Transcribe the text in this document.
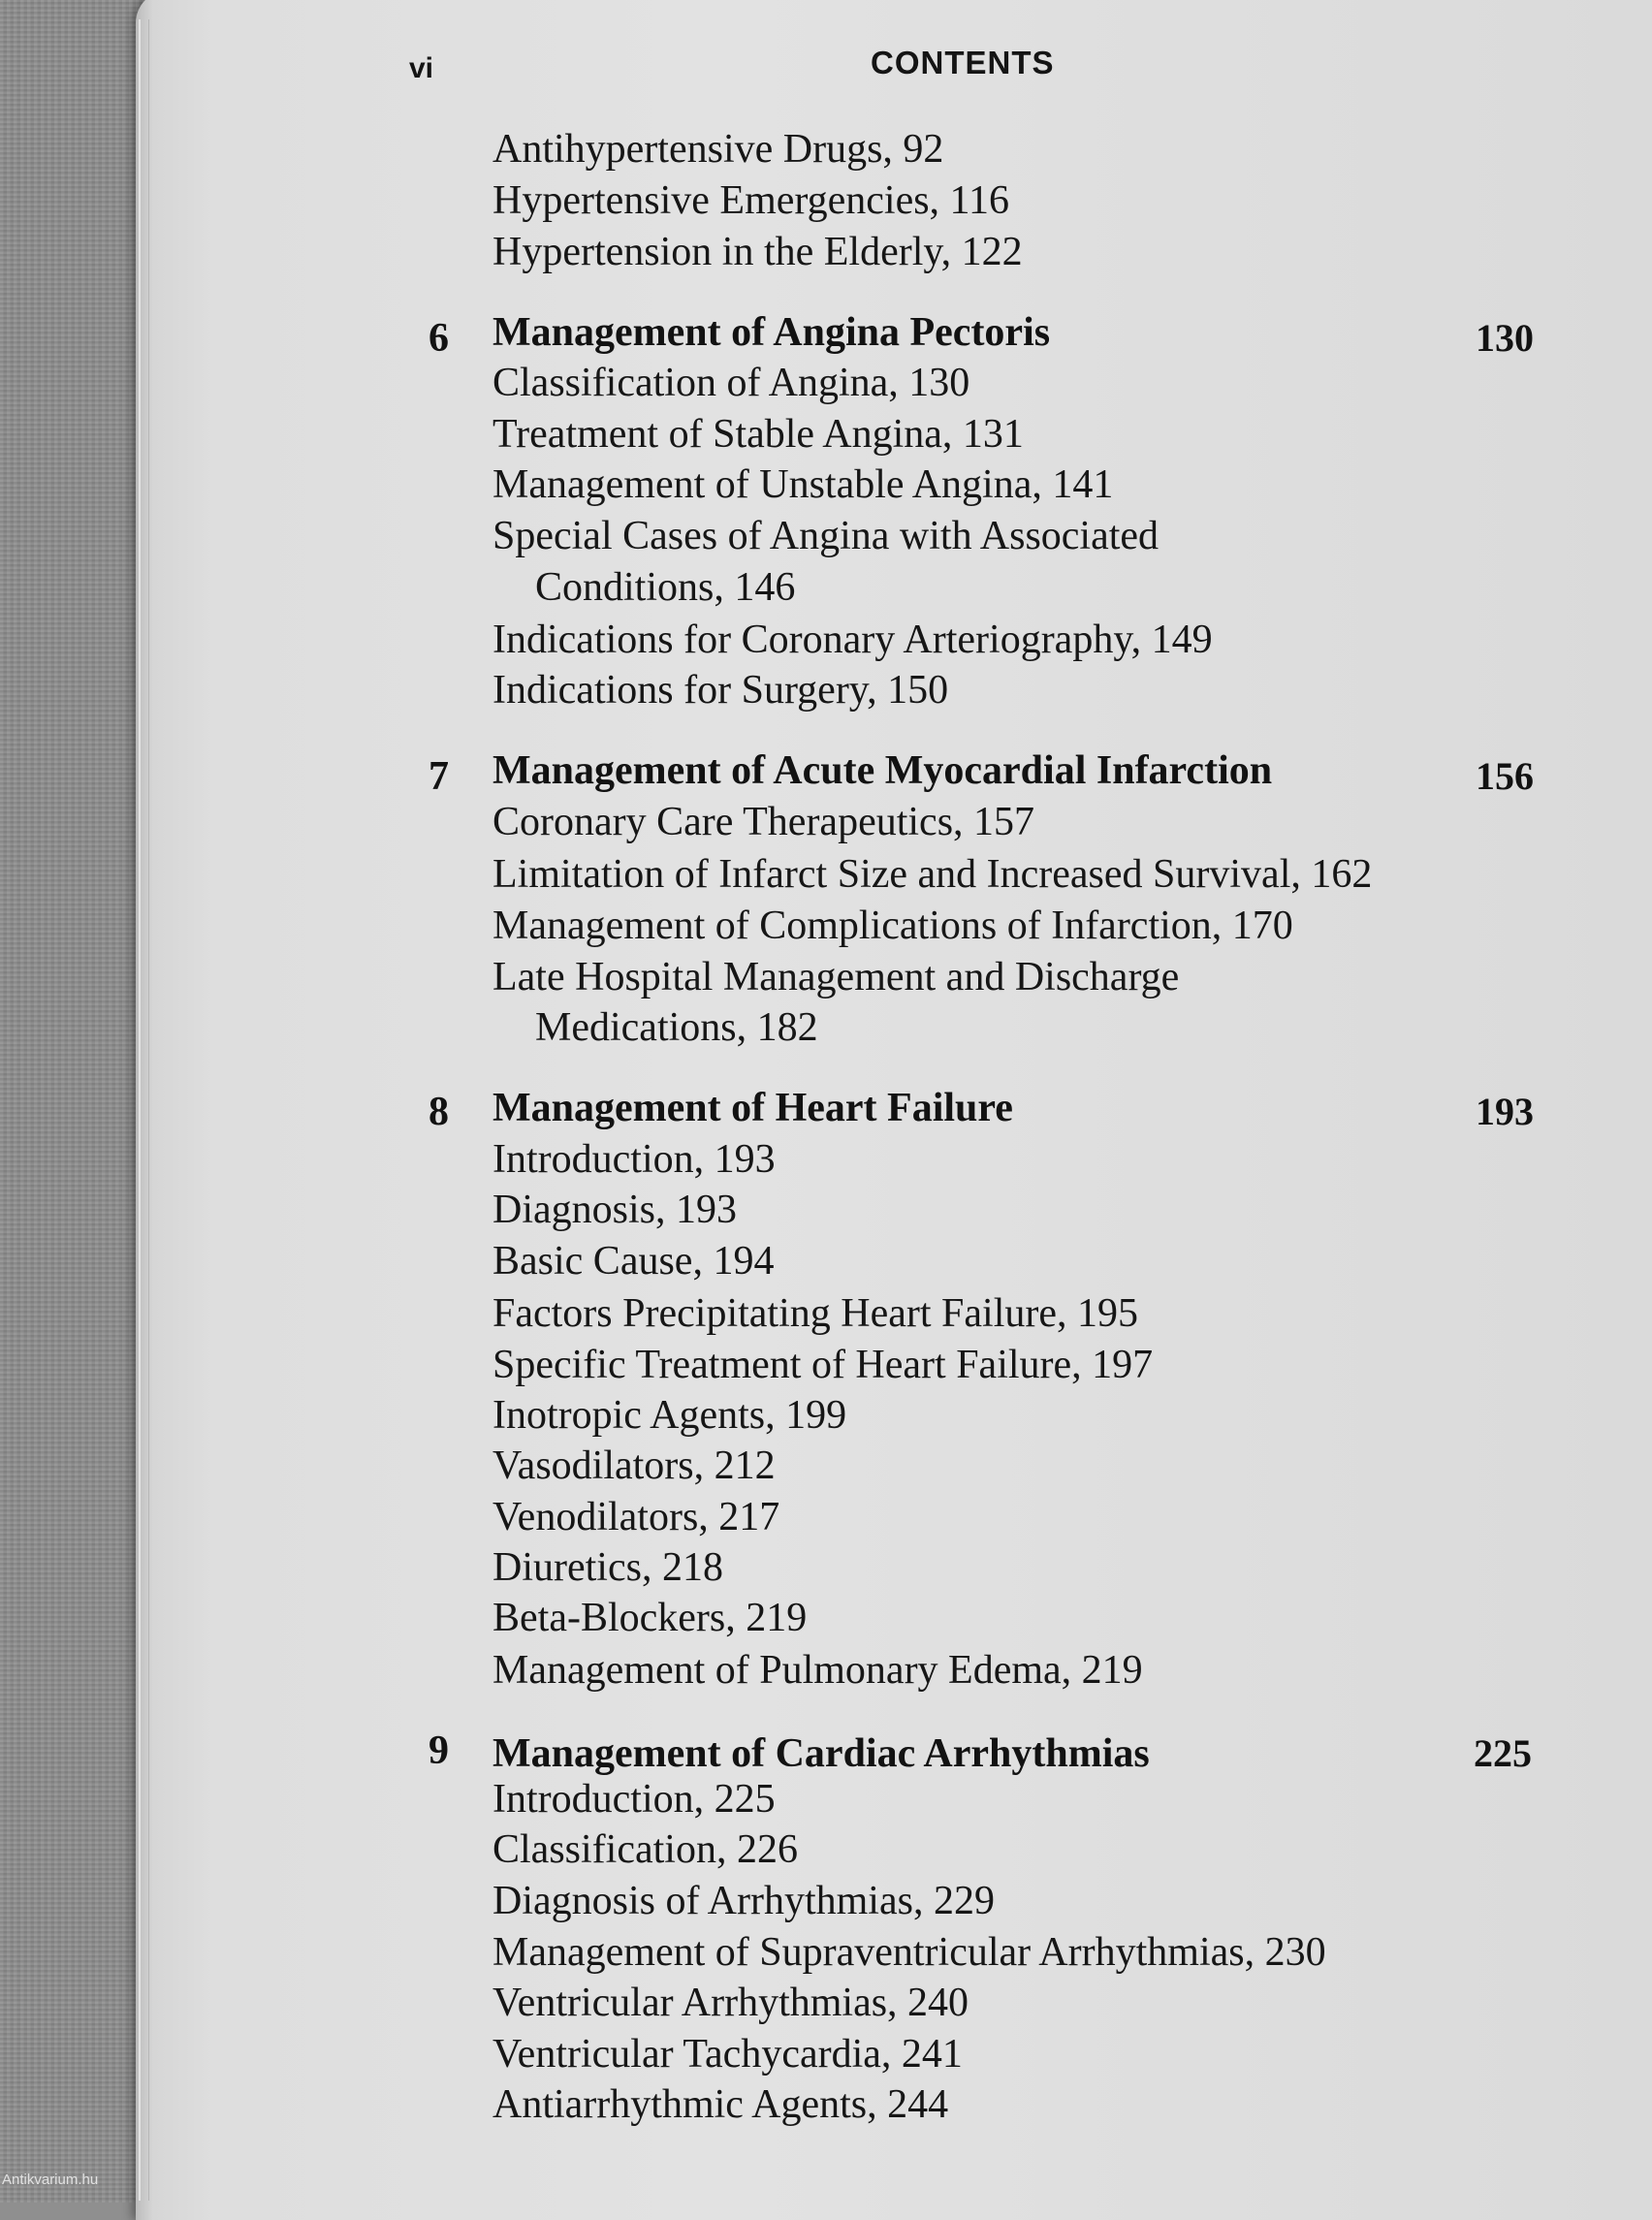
vi	CONTENTS
Antihypertensive Drugs, 92
Hypertensive Emergencies, 116
Hypertension in the Elderly, 122
6 Management of Angina Pectoris	130
Classification of Angina, 130
Treatment of Stable Angina, 131
Management of Unstable Angina, 141
Special Cases of Angina with Associated
Conditions, 146
Indications for Coronary Arteriography, 149
Indications for Surgery, 150
7 Management of Acute Myocardial Infarction	156
Coronary Care Therapeutics, 157
Limitation of Infarct Size and Increased Survival, 162
Management of Complications of Infarction, 170
Late Hospital Management and Discharge
Medications, 182
8 Management of Heart Failure	193
Introduction, 193
Diagnosis, 193
Basic Cause, 194
Factors Precipitating Heart Failure, 195
Specific Treatment of Heart Failure, 197
Inotropic Agents, 199
Vasodilators, 212
Venodilators, 217
Diuretics, 218
Beta-Blockers, 219
Management of Pulmonary Edema, 219
9 Management of Cardiac Arrhythmias	225
Introduction, 225
Classification, 226
Diagnosis of Arrhythmias, 229
Management of Supraventricular Arrhythmias, 230
Ventricular Arrhythmias, 240
Ventricular Tachycardia, 241
Antiarrhythmic Agents, 244
Antikvarium.hu
